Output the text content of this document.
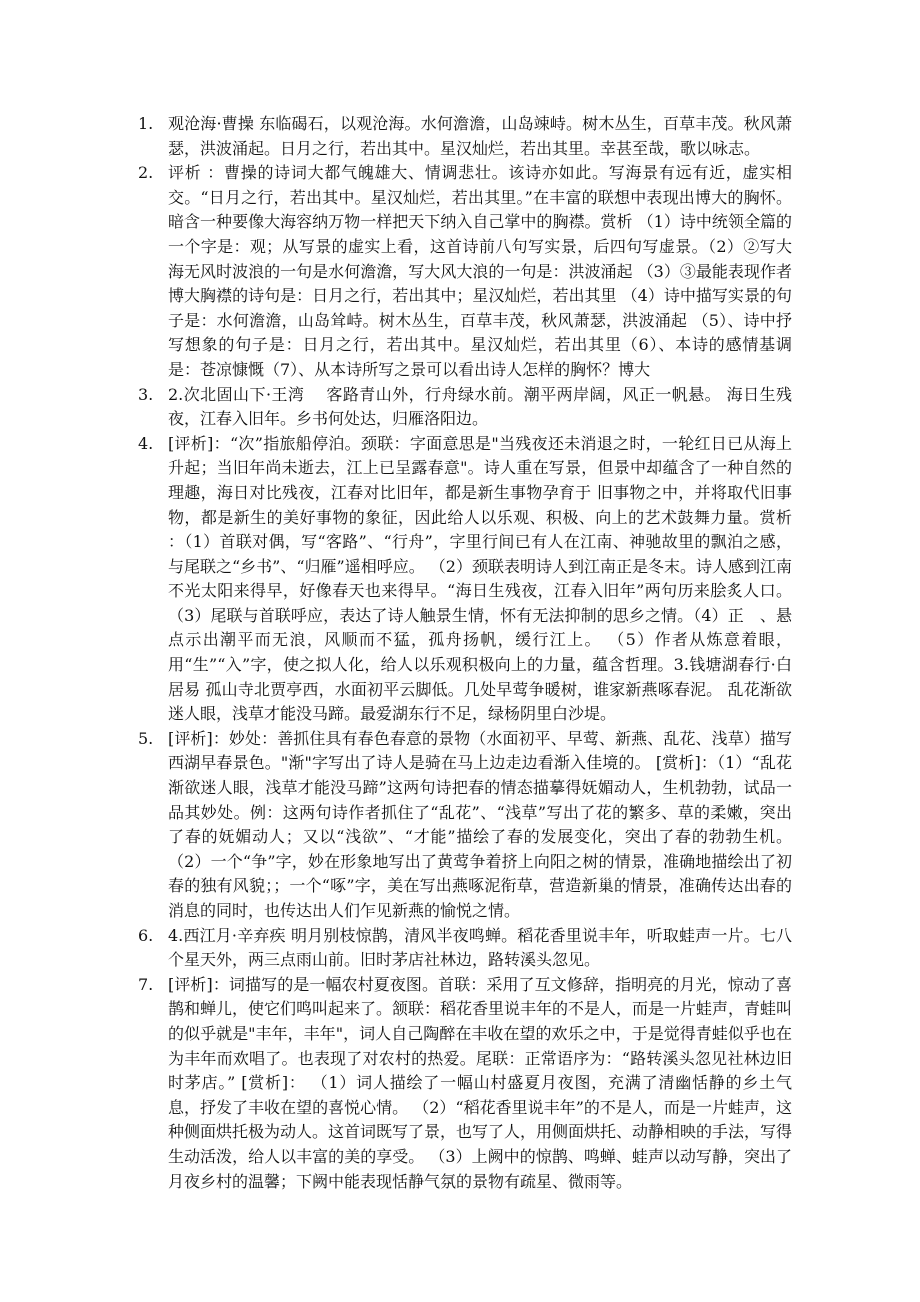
1. 观沧海·曹操 东临碣石，以观沧海。水何澹澹，山岛竦峙。树木丛生，百草丰茂。秋风萧瑟，洪波涌起。日月之行，若出其中。星汉灿烂，若出其里。幸甚至哉，歌以咏志。
2. 评析 ：曹操的诗词大都气魄雄大、情调悲壮。该诗亦如此。写海景有远有近，虚实相交。“日月之行，若出其中。星汉灿烂，若出其里。”在丰富的联想中表现出博大的胸怀。暗含一种要像大海容纳万物一样把天下纳入自己掌中的胸襟。赏析 （1）诗中统领全篇的一个字是：观；从写景的虚实上看，这首诗前八句写实景，后四句写虚景。（2）②写大海无风时波浪的一句是水何澹澹，写大风大浪的一句是：洪波涌起 （3）③最能表现作者博大胸襟的诗句是：日月之行，若出其中；星汉灿烂，若出其里 （4）诗中描写实景的句子是：水何澹澹，山岛耸峙。树木丛生，百草丰茂，秋风萧瑟，洪波涌起 （5）、诗中抒写想象的句子是：日月之行，若出其中。星汉灿烂，若出其里（6）、本诗的感情基调是：苍凉慷慨（7）、从本诗所写之景可以看出诗人怎样的胸怀？博大
3. 2.次北固山下·王湾　 客路青山外，行舟绿水前。潮平两岸阔，风正一帆悬。 海日生残夜，江春入旧年。乡书何处达，归雁洛阳边。
4. [评析]：“次”指旅船停泊。颈联：字面意思是"当残夜还未消退之时，一轮红日已从海上升起；当旧年尚未逝去，江上已呈露春意"。诗人重在写景，但景中却蕴含了一种自然的理趣，海日对比残夜，江春对比旧年，都是新生事物孕育于 旧事物之中，并将取代旧事物，都是新生的美好事物的象征，因此给人以乐观、积极、向上的艺术鼓舞力量。赏析 ：（1）首联对偶，写“客路”、“行舟”，字里行间已有人在江南、神驰故里的飘泊之感，与尾联之“乡书”、“归雁”遥相呼应。 （2）颈联表明诗人到江南正是冬末。诗人感到江南不光太阳来得早，好像春天也来得早。“海日生残夜，江春入旧年”两句历来脍炙人口。 （3）尾联与首联呼应，表达了诗人触景生情，怀有无法抑制的思乡之情。（4）正　、悬　 点示出潮平而无浪，风顺而不猛，孤舟扬帆，缓行江上。 （5）作者从炼意着眼，用“生”“入”字，使之拟人化，给人以乐观积极向上的力量，蕴含哲理。3.钱塘湖春行·白居易 孤山寺北贾亭西，水面初平云脚低。几处早莺争暖树，谁家新燕啄春泥。 乱花渐欲迷人眼，浅草才能没马蹄。最爱湖东行不足，绿杨阴里白沙堤。
5. [评析]：妙处：善抓住具有春色春意的景物（水面初平、早莺、新燕、乱花、浅草）描写西湖早春景色。"渐"字写出了诗人是骑在马上边走边看渐入佳境的。 [赏析]：（1）“乱花渐欲迷人眼，浅草才能没马蹄”这两句诗把春的情态描摹得妩媚动人，生机勃勃，试品一品其妙处。例：这两句诗作者抓住了“乱花”、“浅草”写出了花的繁多、草的柔嫩，突出了春的妩媚动人；又以“浅欲”、“才能”描绘了春的发展变化，突出了春的勃勃生机。 （2）一个“争”字，妙在形象地写出了黄莺争着挤上向阳之树的情景，准确地描绘出了初春的独有风貌；；一个“啄”字，美在写出燕啄泥衔草，营造新巢的情景，准确传达出春的消息的同时，也传达出人们乍见新燕的愉悦之情。
6. 4.西江月·辛弃疾 明月别枝惊鹊，清风半夜鸣蝉。稻花香里说丰年，听取蛙声一片。七八个星天外，两三点雨山前。旧时茅店社林边，路转溪头忽见。
7. [评析]：词描写的是一幅农村夏夜图。首联：采用了互文修辞，指明亮的月光，惊动了喜鹊和蝉儿，使它们鸣叫起来了。颔联：稻花香里说丰年的不是人，而是一片蛙声，青蛙叫的似乎就是"丰年，丰年"，词人自己陶醉在丰收在望的欢乐之中，于是觉得青蛙似乎也在为丰年而欢唱了。也表现了对农村的热爱。尾联：正常语序为：“路转溪头忽见社林边旧时茅店。” [赏析]： （1）词人描绘了一幅山村盛夏月夜图，充满了清幽恬静的乡土气息，抒发了丰收在望的喜悦心情。 （2）“稻花香里说丰年”的不是人，而是一片蛙声，这种侧面烘托极为动人。这首词既写了景，也写了人，用侧面烘托、动静相映的手法，写得生动活泼，给人以丰富的美的享受。 （3）上阙中的惊鹊、鸣蝉、蛙声以动写静，突出了月夜乡村的温馨；下阙中能表现恬静气氛的景物有疏星、微雨等。
